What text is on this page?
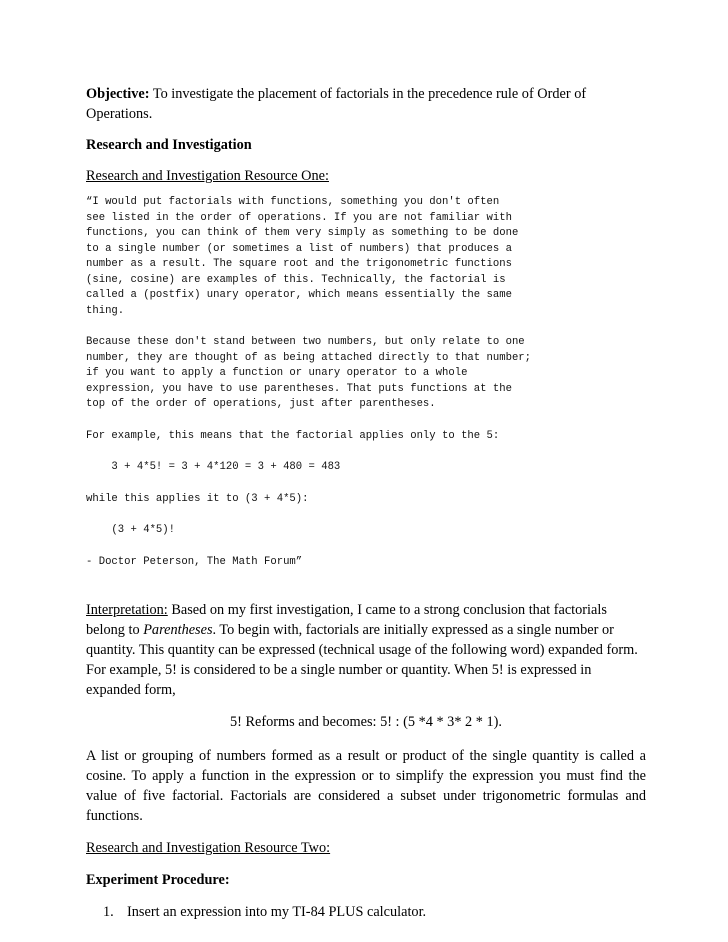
Objective: To investigate the placement of factorials in the precedence rule of Order of
Operations.

Research and Investigation

Research and Investigation Resource One:

“I would put factorials with functions, something you don't often

see listed in the order of operations. If you are not familiar with

functions, you can think of them very simply as something to be done

to a single number (or sometimes a list of numbers) that produces a

number as a result. The square root and the trigonometric functions

(sine, cosine) are examples of this. Technically, the factorial is

called a (postfix) unary operator, which means essentially the same

thing.

Because these don't stand between two numbers, but only relate to one

number, they are thought of as being attached directly to that number;

if you want to apply a function or unary operator to a whole

expression, you have to use parentheses. That puts functions at the

top of the order of operations, just after parentheses.

For example, this means that the factorial applies only to the 5:

3 + 4*5! = 3 + 4*120 = 3 + 480 = 483

while this applies it to (3 + 4*5):

(3 + 4*5)!

- Doctor Peterson, The Math Forum”

Interpretation: Based on my first investigation, I came to a strong conclusion that factorials
belong to Parentheses. To begin with, factorials are initially expressed as a single number or
quantity. This quantity can be expressed (technical usage of the following word) expanded form.
For example, 5! is considered to be a single number or quantity. When 5! is expressed in
expanded form,

5! Reforms and becomes: 5! : (5 *4 * 3* 2 * 1).

A list or grouping of numbers formed as a result or product of the single quantity is called a

cosine. To apply a function in the expression or to simplify the expression you must find the

value of five factorial. Factorials are considered a subset under trigonometric formulas and

functions.

Research and Investigation Resource Two:

Experiment Procedure:

1. Insert an expression into my TI-84 PLUS calculator.
